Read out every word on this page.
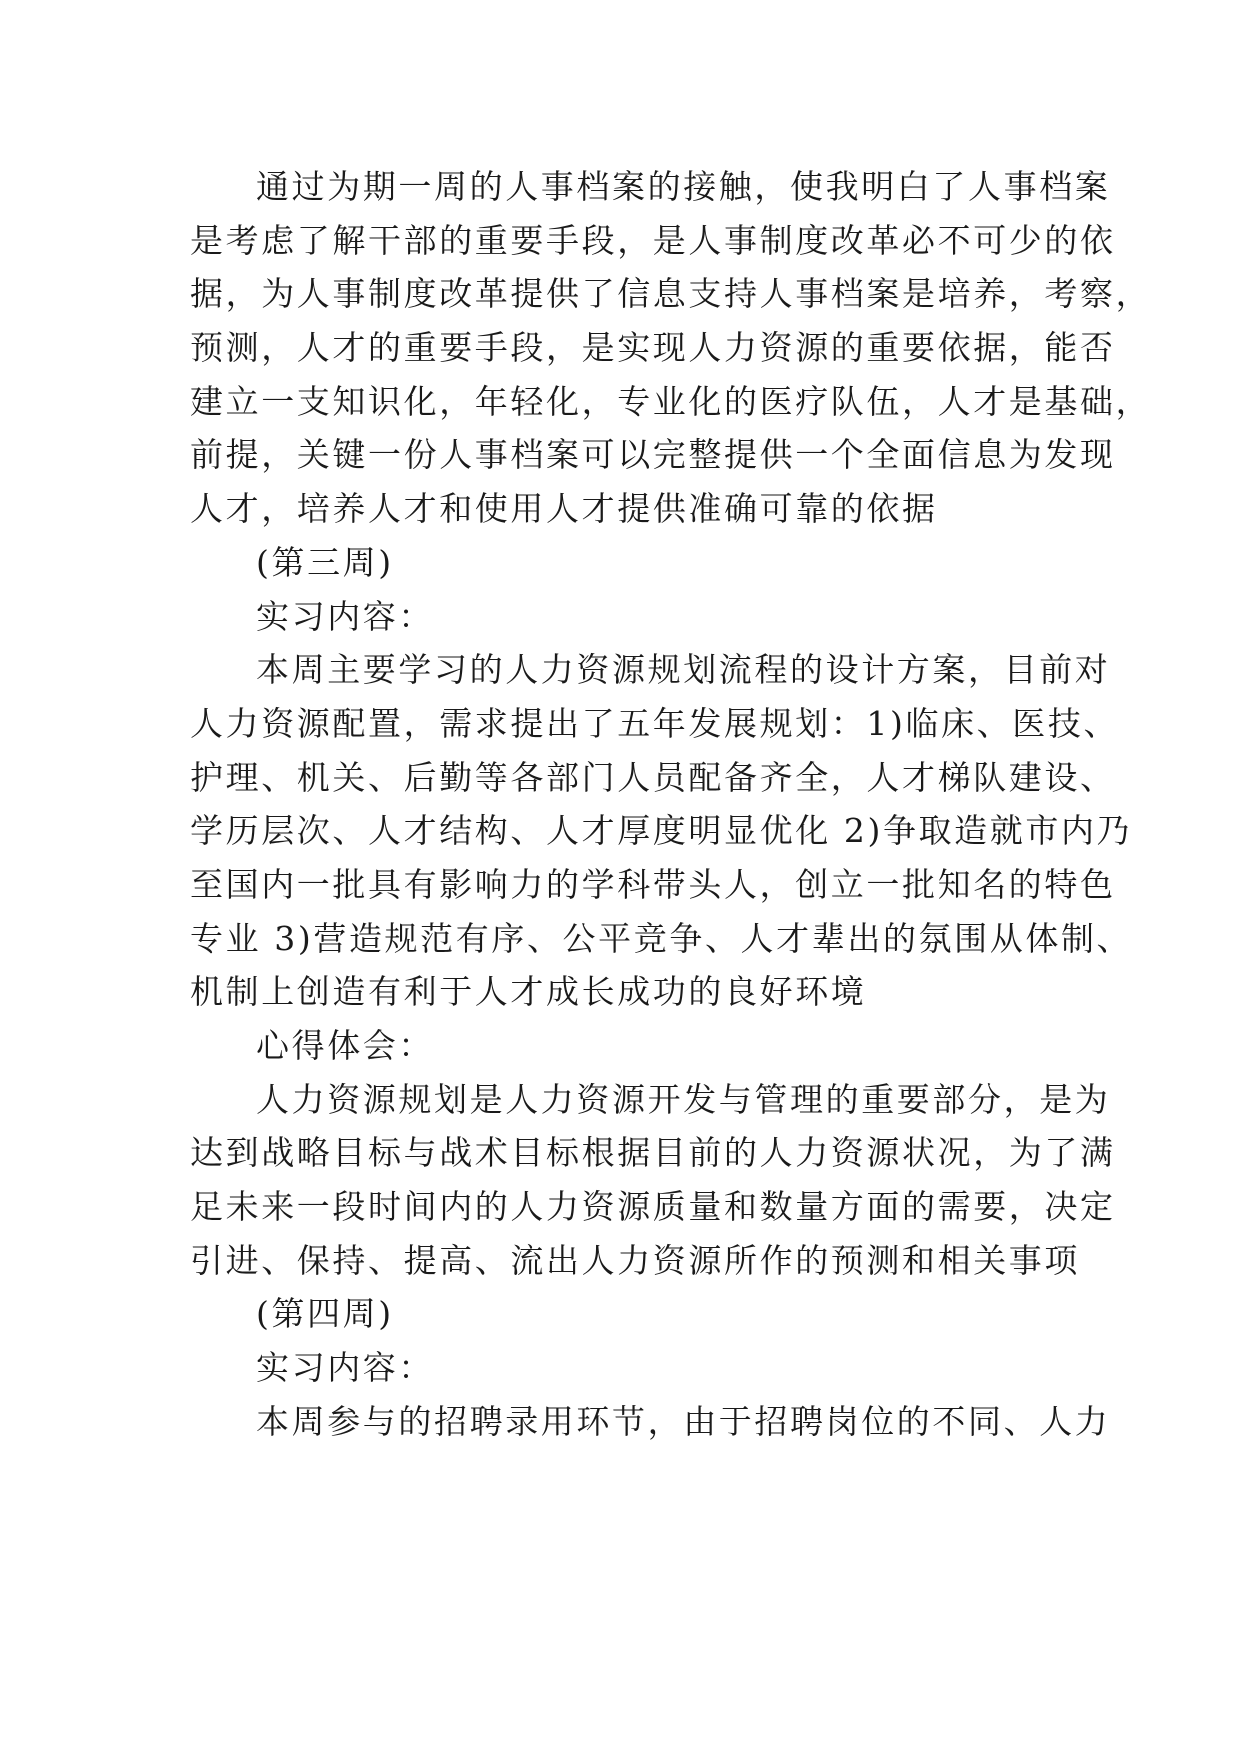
通过为期一周的人事档案的接触，使我明白了人事档案
是考虑了解干部的重要手段，是人事制度改革必不可少的依
据，为人事制度改革提供了信息支持人事档案是培养，考察，
预测，人才的重要手段，是实现人力资源的重要依据，能否
建立一支知识化，年轻化，专业化的医疗队伍，人才是基础，
前提，关键一份人事档案可以完整提供一个全面信息为发现
人才，培养人才和使用人才提供准确可靠的依据
(第三周)
实习内容：
本周主要学习的人力资源规划流程的设计方案，目前对
人力资源配置，需求提出了五年发展规划：1)临床、医技、
护理、机关、后勤等各部门人员配备齐全，人才梯队建设、
学历层次、人才结构、人才厚度明显优化 2)争取造就市内乃
至国内一批具有影响力的学科带头人，创立一批知名的特色
专业 3)营造规范有序、公平竞争、人才辈出的氛围从体制、
机制上创造有利于人才成长成功的良好环境
心得体会：
人力资源规划是人力资源开发与管理的重要部分，是为
达到战略目标与战术目标根据目前的人力资源状况，为了满
足未来一段时间内的人力资源质量和数量方面的需要，决定
引进、保持、提高、流出人力资源所作的预测和相关事项
(第四周)
实习内容：
本周参与的招聘录用环节，由于招聘岗位的不同、人力
